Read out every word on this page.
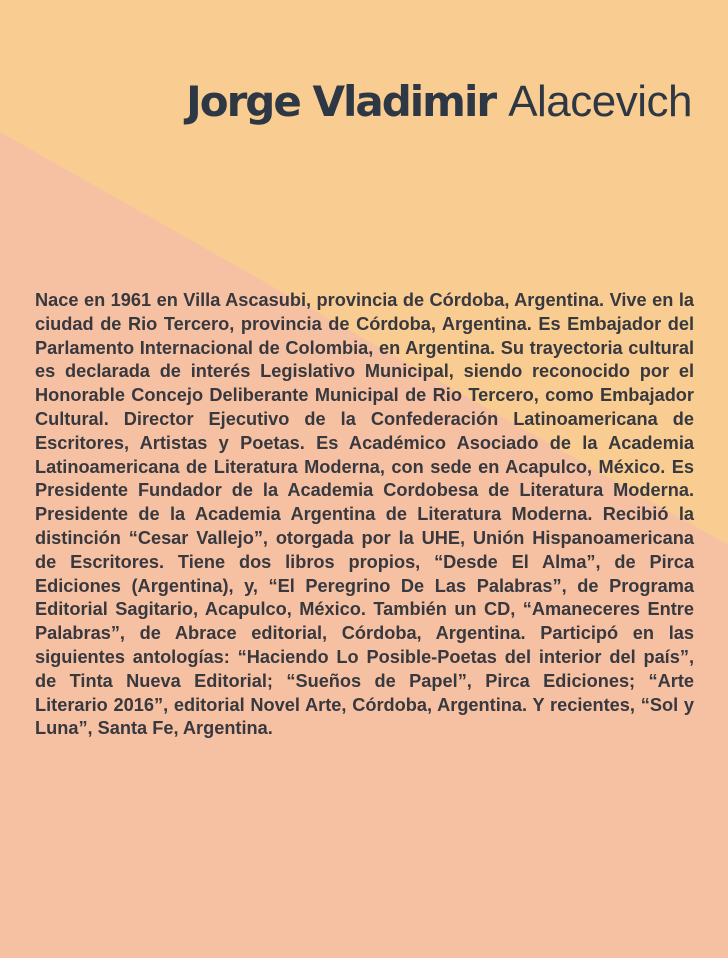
Jorge Vladimir Alacevich

Nace en 1961 en Villa Ascasubi, provincia de Córdoba, Argentina. Vive en la ciudad de Rio Tercero, provincia de Córdoba, Argentina. Es Embajador del Parlamento Internacional de Colombia, en Argentina. Su trayectoria cultural es declarada de interés Legislativo Municipal, siendo reconocido por el Honorable Concejo Deliberante Municipal de Rio Tercero, como Embajador Cultural. Director Ejecutivo de la Confederación Latinoamericana de Escritores, Artistas y Poetas. Es Académico Asociado de la Academia Latinoamericana de Literatura Moderna, con sede en Acapulco, México. Es Presidente Fundador de la Academia Cordobesa de Literatura Moderna. Presidente de la Academia Argentina de Literatura Moderna. Recibió la distinción “Cesar Vallejo”, otorgada por la UHE, Unión Hispanoamericana de Escritores. Tiene dos libros propios, “Desde El Alma”, de Pirca Ediciones (Argentina), y, “El Peregrino De Las Palabras”, de Programa Editorial Sagitario, Acapulco, México. También un CD, “Amaneceres Entre Palabras”, de Abrace editorial, Córdoba, Argentina. Participó en las siguientes antologías: “Haciendo Lo Posible-Poetas del interior del país”, de Tinta Nueva Editorial; “Sueños de Papel”, Pirca Ediciones; “Arte Literario 2016”, editorial Novel Arte, Córdoba, Argentina. Y recientes, “Sol y Luna”, Santa Fe, Argentina.
